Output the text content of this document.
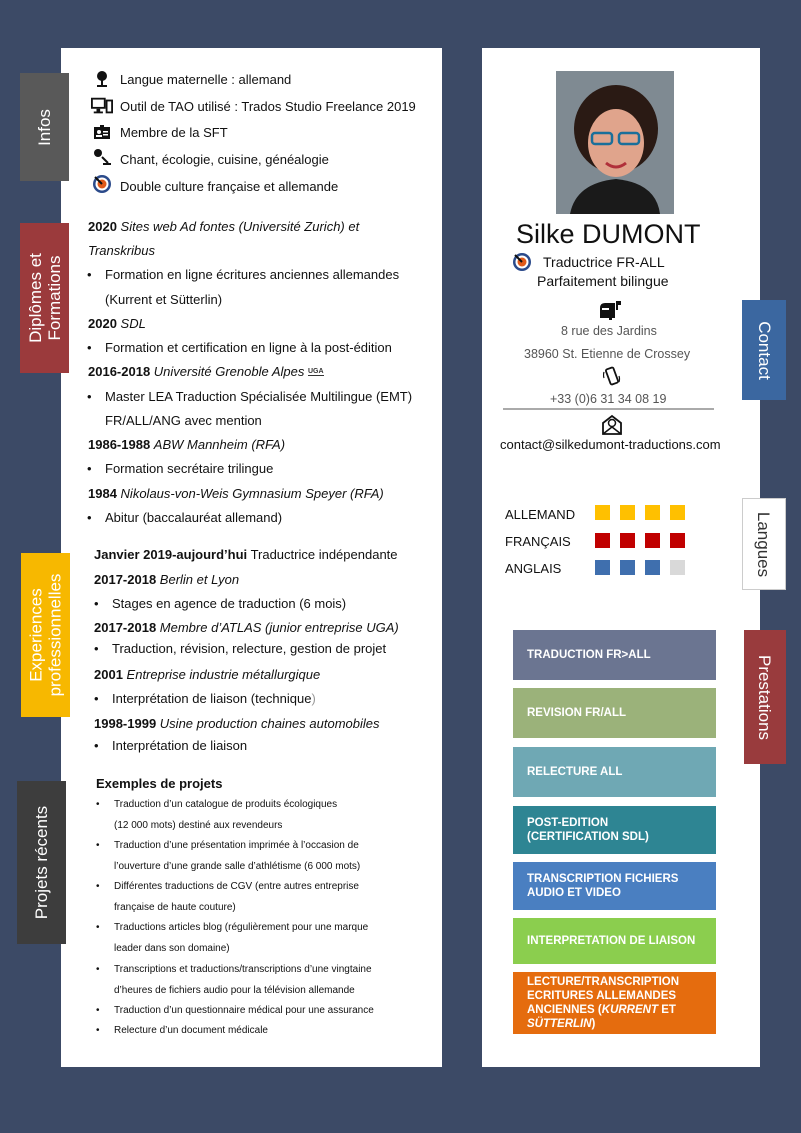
Infos
Diplômes et Formations
Experiences professionnelles
Projets récents
Contact
Langues
Prestations
Langue maternelle : allemand
Outil de TAO utilisé : Trados Studio Freelance 2019
Membre de la SFT
Chant, écologie, cuisine, généalogie
Double culture française et allemande
2020 Sites web Ad fontes (Université Zurich) et
Transkribus
• Formation en ligne écritures anciennes allemandes
(Kurrent et Sütterlin)
2020 SDL
• Formation et certification en ligne à la post-édition
2016-2018 Université Grenoble Alpes $^{UGA}$
• Master LEA Traduction Spécialisée Multilingue (EMT)
FR/ALL/ANG avec mention
1986-1988 ABW Mannheim (RFA)
• Formation secrétaire trilingue
1984 Nikolaus-von-Weis Gymnasium Speyer (RFA)
• Abitur (baccalauréat allemand)
Janvier 2019-aujourd’hui Traductrice indépendante
2017-2018 Berlin et Lyon
• Stages en agence de traduction (6 mois)
2017-2018 Membre d’ATLAS (junior entreprise UGA)
• Traduction, révision, relecture, gestion de projet
2001 Entreprise industrie métallurgique
• Interprétation de liaison (technique)
1998-1999 Usine production chaines automobiles
• Interprétation de liaison
Exemples de projets
• Traduction d’un catalogue de produits écologiques
(12 000 mots) destiné aux revendeurs
• Traduction d’une présentation imprimée à l’occasion de
l’ouverture d’une grande salle d’athlétisme (6 000 mots)
• Différentes traductions de CGV (entre autres entreprise
française de haute couture)
• Traductions articles blog (régulièrement pour une marque
leader dans son domaine)
• Transcriptions et traductions/transcriptions d’une vingtaine
d’heures de fichiers audio pour la télévision allemande
• Traduction d’un questionnaire médical pour une assurance
• Relecture d’un document médicale
Silke DUMONT
Traductrice FR-ALL
Parfaitement bilingue
8 rue des Jardins
38960 St. Etienne de Crossey
+33 (0)6 31 34 08 19
contact@silkedumont-traductions.com
ALLEMAND
FRANÇAIS
ANGLAIS
TRADUCTION FR>ALL
REVISION FR/ALL
RELECTURE ALL
POST-EDITION
(CERTIFICATION SDL)
TRANSCRIPTION FICHIERS
AUDIO ET VIDEO
INTERPRETATION DE LIAISON
LECTURE/TRANSCRIPTION
ECRITURES ALLEMANDES
ANCIENNES (KURRENT ET
SÜTTERLIN)
